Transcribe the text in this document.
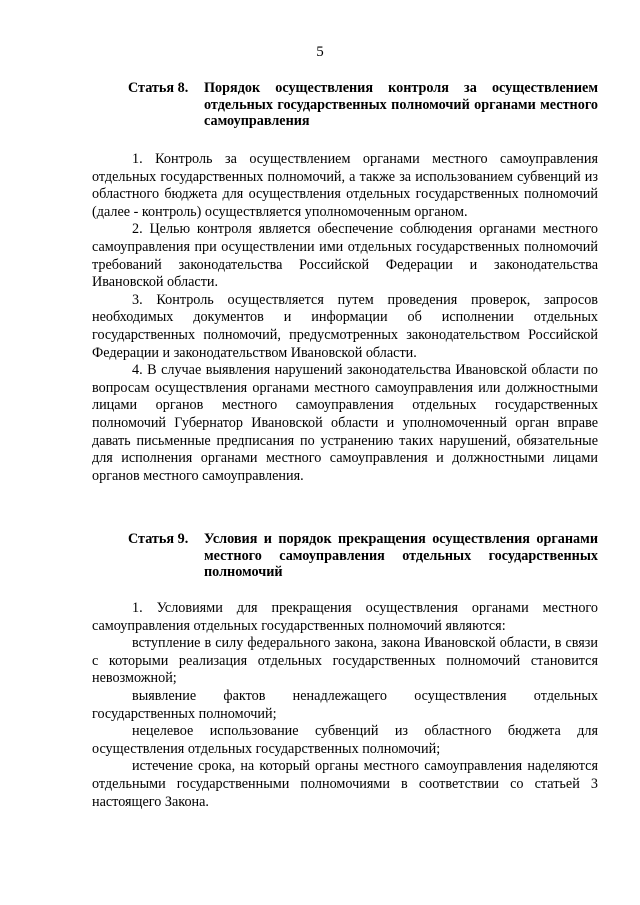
5
Статья 8.	Порядок осуществления контроля за осуществлением отдельных государственных полномочий органами местного самоуправления

1. Контроль за осуществлением органами местного самоуправления отдельных государственных полномочий, а также за использованием субвенций из областного бюджета для осуществления отдельных государственных полномочий (далее - контроль) осуществляется уполномоченным органом.

2. Целью контроля является обеспечение соблюдения органами местного самоуправления при осуществлении ими отдельных государственных полномочий требований законодательства Российской Федерации и законодательства Ивановской области.

3. Контроль осуществляется путем проведения проверок, запросов необходимых документов и информации об исполнении отдельных государственных полномочий, предусмотренных законодательством Российской Федерации и законодательством Ивановской области.

4. В случае выявления нарушений законодательства Ивановской области по вопросам осуществления органами местного самоуправления или должностными лицами органов местного самоуправления отдельных государственных полномочий Губернатор Ивановской области и уполномоченный орган вправе давать письменные предписания по устранению таких нарушений, обязательные для исполнения органами местного самоуправления и должностными лицами органов местного самоуправления.

Статья 9.	Условия и порядок прекращения осуществления органами местного самоуправления отдельных государственных полномочий

1. Условиями для прекращения осуществления органами местного самоуправления отдельных государственных полномочий являются:

вступление в силу федерального закона, закона Ивановской области, в связи с которыми реализация отдельных государственных полномочий становится невозможной;

выявление фактов ненадлежащего осуществления отдельных государственных полномочий;

нецелевое использование субвенций из областного бюджета для осуществления отдельных государственных полномочий;

истечение срока, на который органы местного самоуправления наделяются отдельными государственными полномочиями в соответствии со статьей 3 настоящего Закона.
